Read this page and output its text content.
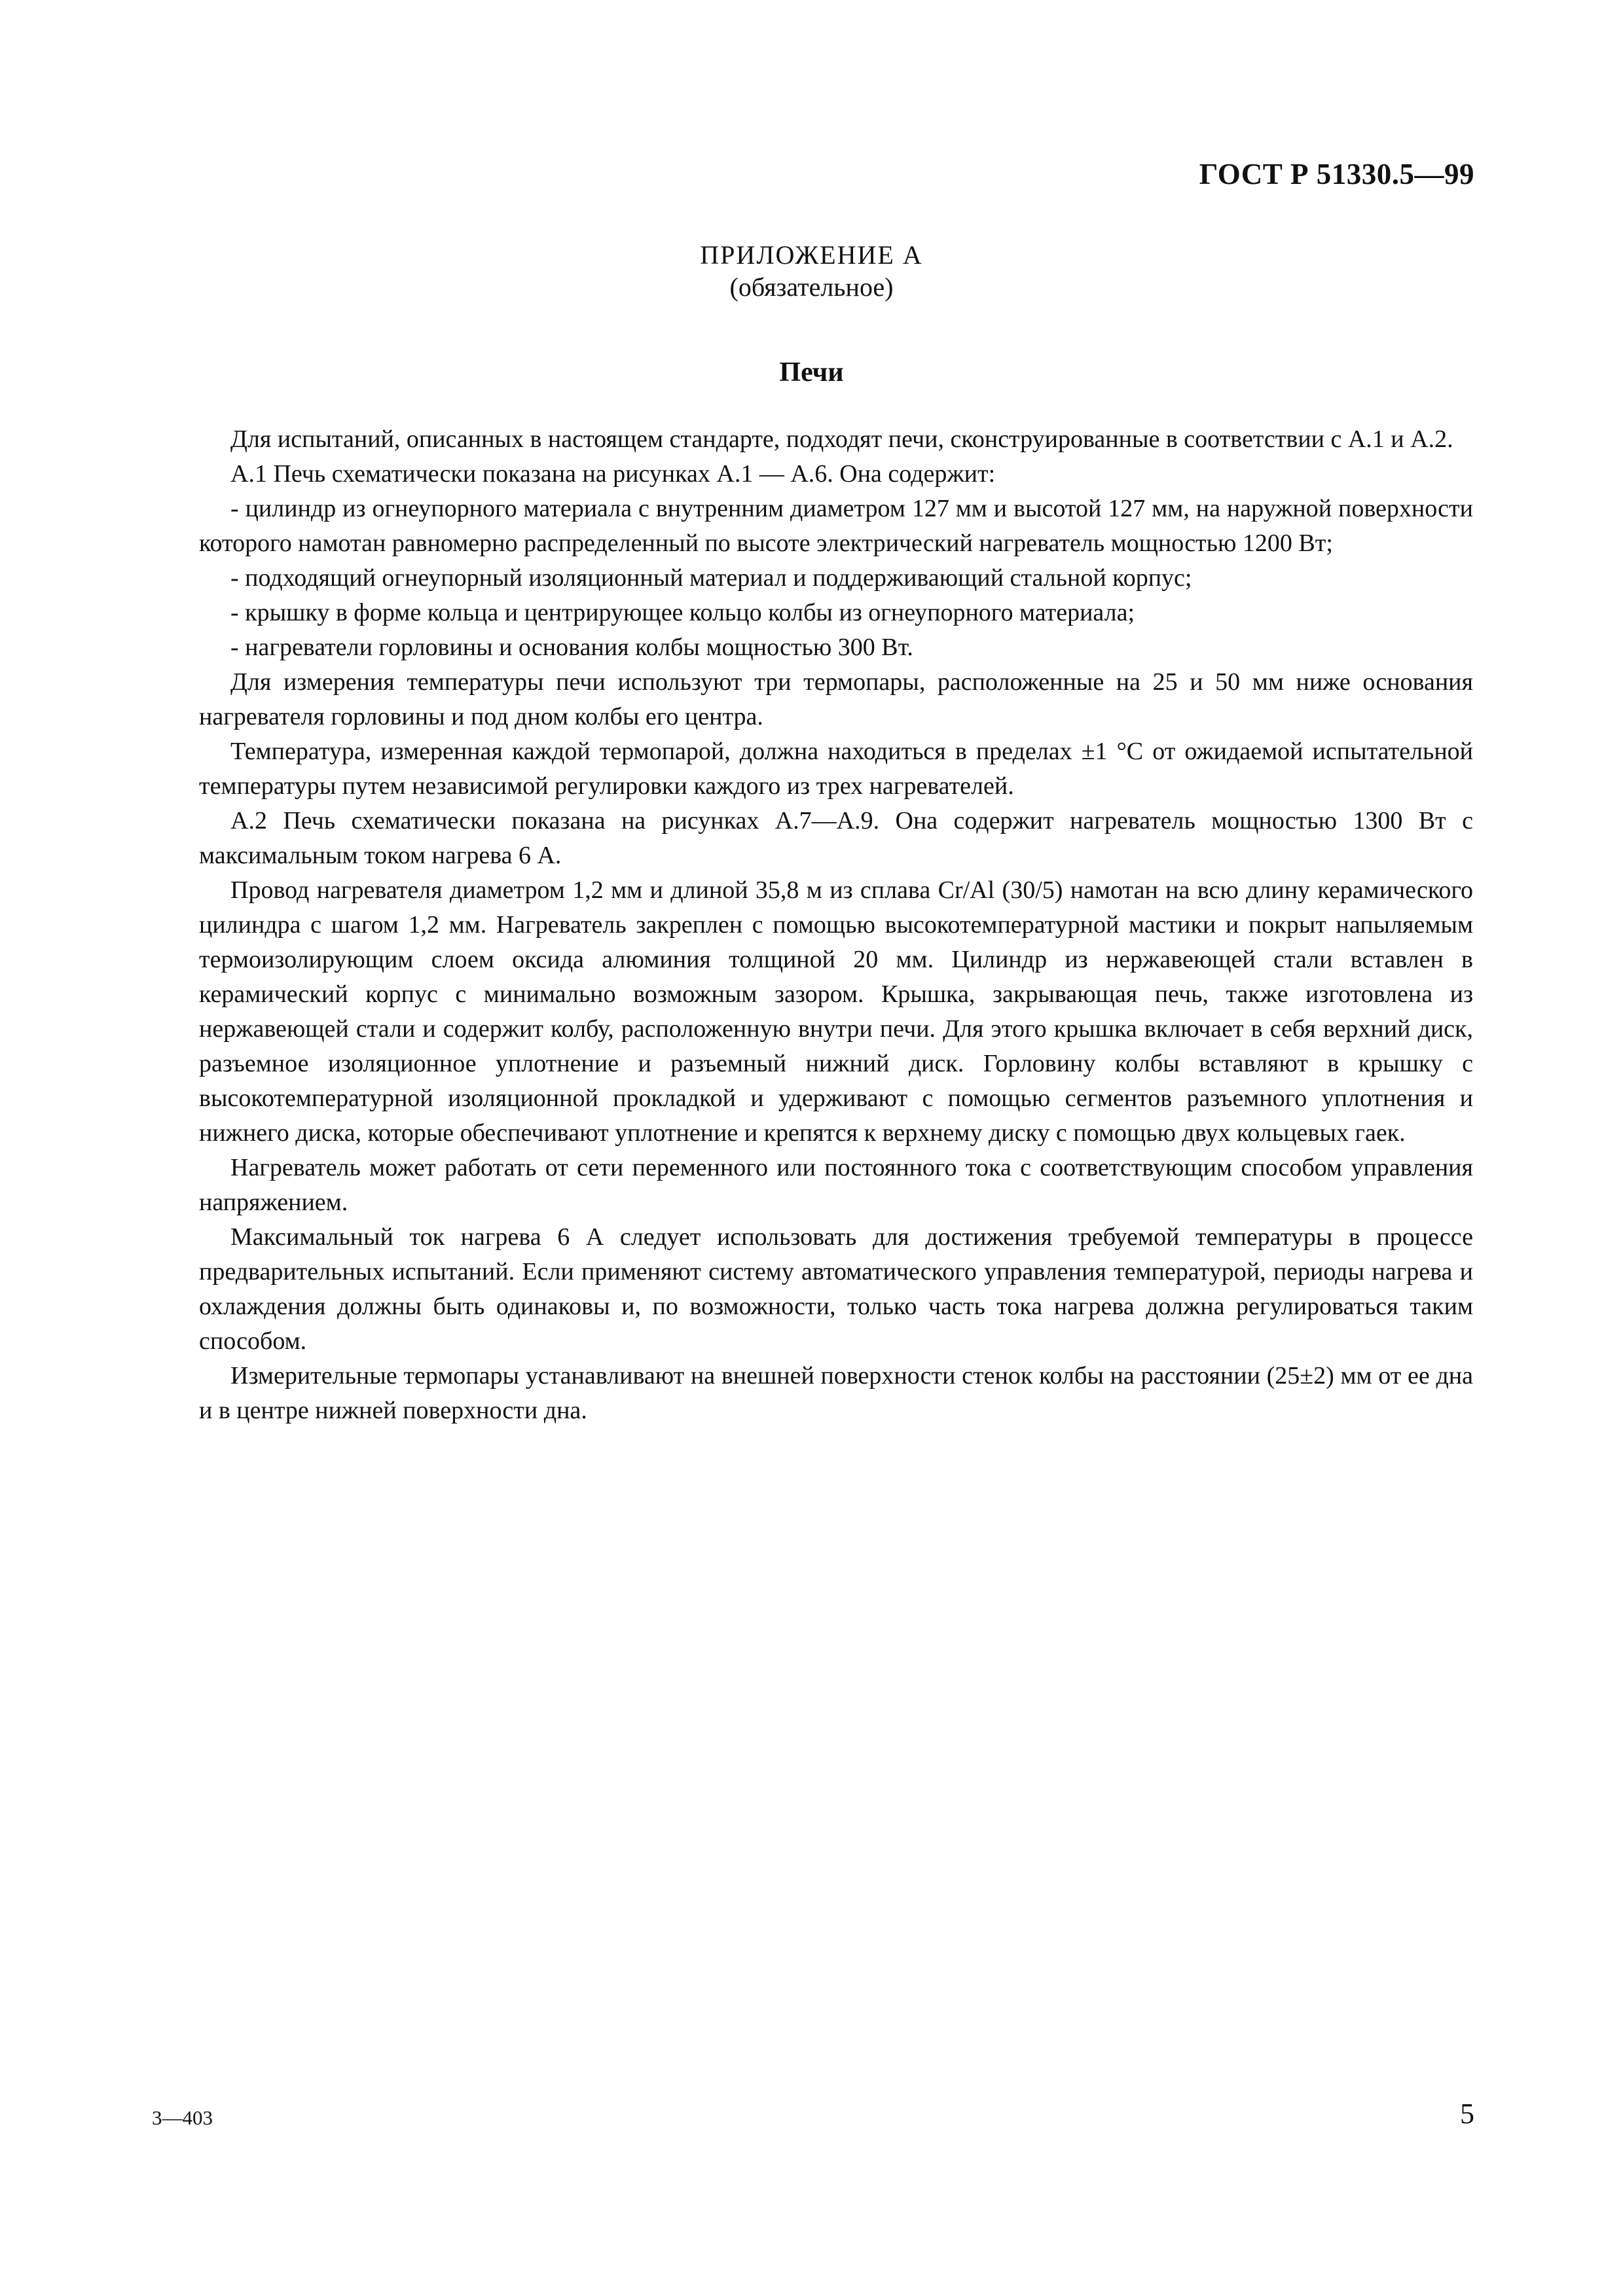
ГОСТ Р 51330.5—99
ПРИЛОЖЕНИЕ А
(обязательное)
Печи

Для испытаний, описанных в настоящем стандарте, подходят печи, сконструированные в соответствии с А.1 и А.2.

А.1 Печь схематически показана на рисунках А.1 — А.6. Она содержит:

- цилиндр из огнеупорного материала с внутренним диаметром 127 мм и высотой 127 мм, на наружной поверхности которого намотан равномерно распределенный по высоте электрический нагреватель мощностью 1200 Вт;

- подходящий огнеупорный изоляционный материал и поддерживающий стальной корпус;

- крышку в форме кольца и центрирующее кольцо колбы из огнеупорного материала;

- нагреватели горловины и основания колбы мощностью 300 Вт.

Для измерения температуры печи используют три термопары, расположенные на 25 и 50 мм ниже основания нагревателя горловины и под дном колбы его центра.

Температура, измеренная каждой термопарой, должна находиться в пределах ±1 °С от ожидаемой испытательной температуры путем независимой регулировки каждого из трех нагревателей.

А.2 Печь схематически показана на рисунках А.7—А.9. Она содержит нагреватель мощностью 1300 Вт с максимальным током нагрева 6 А.

Провод нагревателя диаметром 1,2 мм и длиной 35,8 м из сплава Cr/Al (30/5) намотан на всю длину керамического цилиндра с шагом 1,2 мм. Нагреватель закреплен с помощью высокотемпературной мастики и покрыт напыляемым термоизолирующим слоем оксида алюминия толщиной 20 мм. Цилиндр из нержавеющей стали вставлен в керамический корпус с минимально возможным зазором. Крышка, закрывающая печь, также изготовлена из нержавеющей стали и содержит колбу, расположенную внутри печи. Для этого крышка включает в себя верхний диск, разъемное изоляционное уплотнение и разъемный нижний диск. Горловину колбы вставляют в крышку с высокотемпературной изоляционной прокладкой и удерживают с помощью сегментов разъемного уплотнения и нижнего диска, которые обеспечивают уплотнение и крепятся к верхнему диску с помощью двух кольцевых гаек.

Нагреватель может работать от сети переменного или постоянного тока с соответствующим способом управления напряжением.

Максимальный ток нагрева 6 А следует использовать для достижения требуемой температуры в процессе предварительных испытаний. Если применяют систему автоматического управления температурой, периоды нагрева и охлаждения должны быть одинаковы и, по возможности, только часть тока нагрева должна регулироваться таким способом.

Измерительные термопары устанавливают на внешней поверхности стенок колбы на расстоянии (25±2) мм от ее дна и в центре нижней поверхности дна.

3—403	5
